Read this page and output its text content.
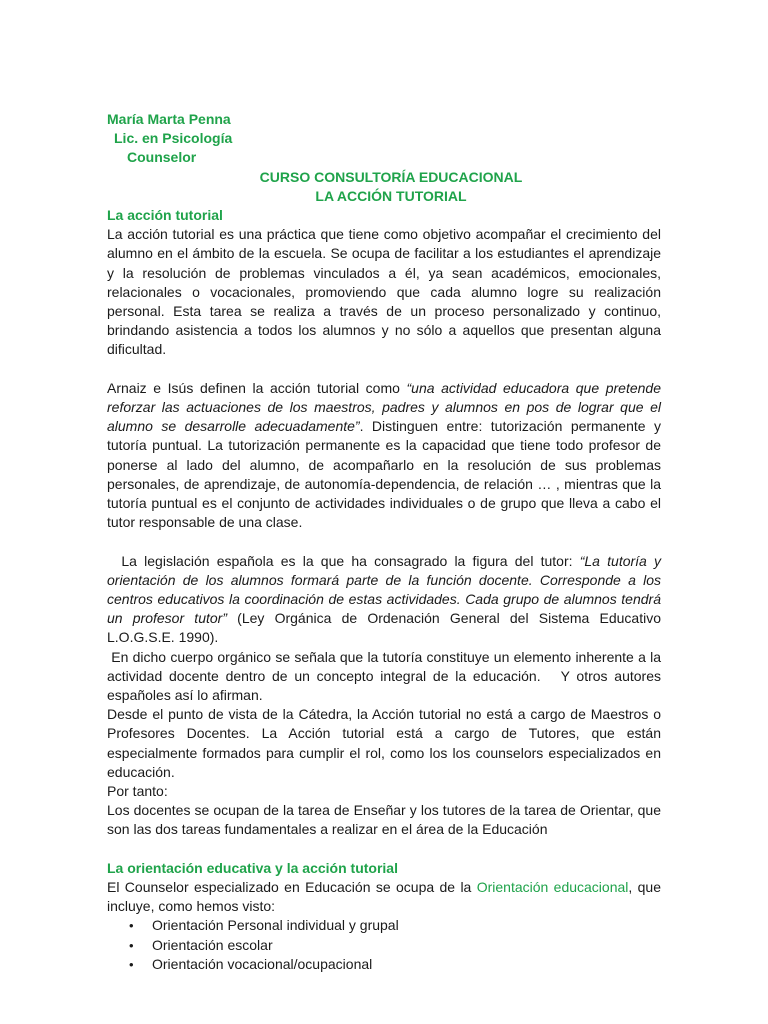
María Marta Penna

Lic. en Psicología

Counselor

CURSO CONSULTORÍA EDUCACIONAL

LA ACCIÓN TUTORIAL

La acción tutorial

La acción tutorial es una práctica que tiene como objetivo acompañar el crecimiento del alumno en el ámbito de la escuela. Se ocupa de facilitar a los estudiantes el aprendizaje y la resolución de problemas vinculados a él, ya sean académicos, emocionales, relacionales o vocacionales, promoviendo que cada alumno logre su realización personal. Esta tarea se realiza a través de un proceso personalizado y continuo, brindando asistencia a todos los alumnos y no sólo a aquellos que presentan alguna dificultad.

Arnaiz e Isús definen la acción tutorial como “una actividad educadora que pretende reforzar las actuaciones de los maestros, padres y alumnos en pos de lograr que el alumno se desarrolle adecuadamente”. Distinguen entre: tutorización permanente y tutoría puntual. La tutorización permanente es la capacidad que tiene todo profesor de ponerse al lado del alumno, de acompañarlo en la resolución de sus problemas personales, de aprendizaje, de autonomía-dependencia, de relación … , mientras que la tutoría puntual es el conjunto de actividades individuales o de grupo que lleva a cabo el tutor responsable de una clase.

La legislación española es la que ha consagrado la figura del tutor: “La tutoría y orientación de los alumnos formará parte de la función docente. Corresponde a los centros educativos la coordinación de estas actividades. Cada grupo de alumnos tendrá un profesor tutor” (Ley Orgánica de Ordenación General del Sistema Educativo L.O.G.S.E. 1990).

En dicho cuerpo orgánico se señala que la tutoría constituye un elemento inherente a la actividad docente dentro de un concepto integral de la educación.   Y otros autores españoles así lo afirman.

Desde el punto de vista de la Cátedra, la Acción tutorial no está a cargo de Maestros o Profesores Docentes. La Acción tutorial está a cargo de Tutores, que están especialmente formados para cumplir el rol, como los los counselors especializados en educación.

Por tanto:

Los docentes se ocupan de la tarea de Enseñar y los tutores de la tarea de Orientar, que son las dos tareas fundamentales a realizar en el área de la Educación

La orientación educativa y la acción tutorial

El Counselor especializado en Educación se ocupa de la Orientación educacional, que incluye, como hemos visto:

• Orientación Personal individual y grupal
• Orientación escolar
• Orientación vocacional/ocupacional
